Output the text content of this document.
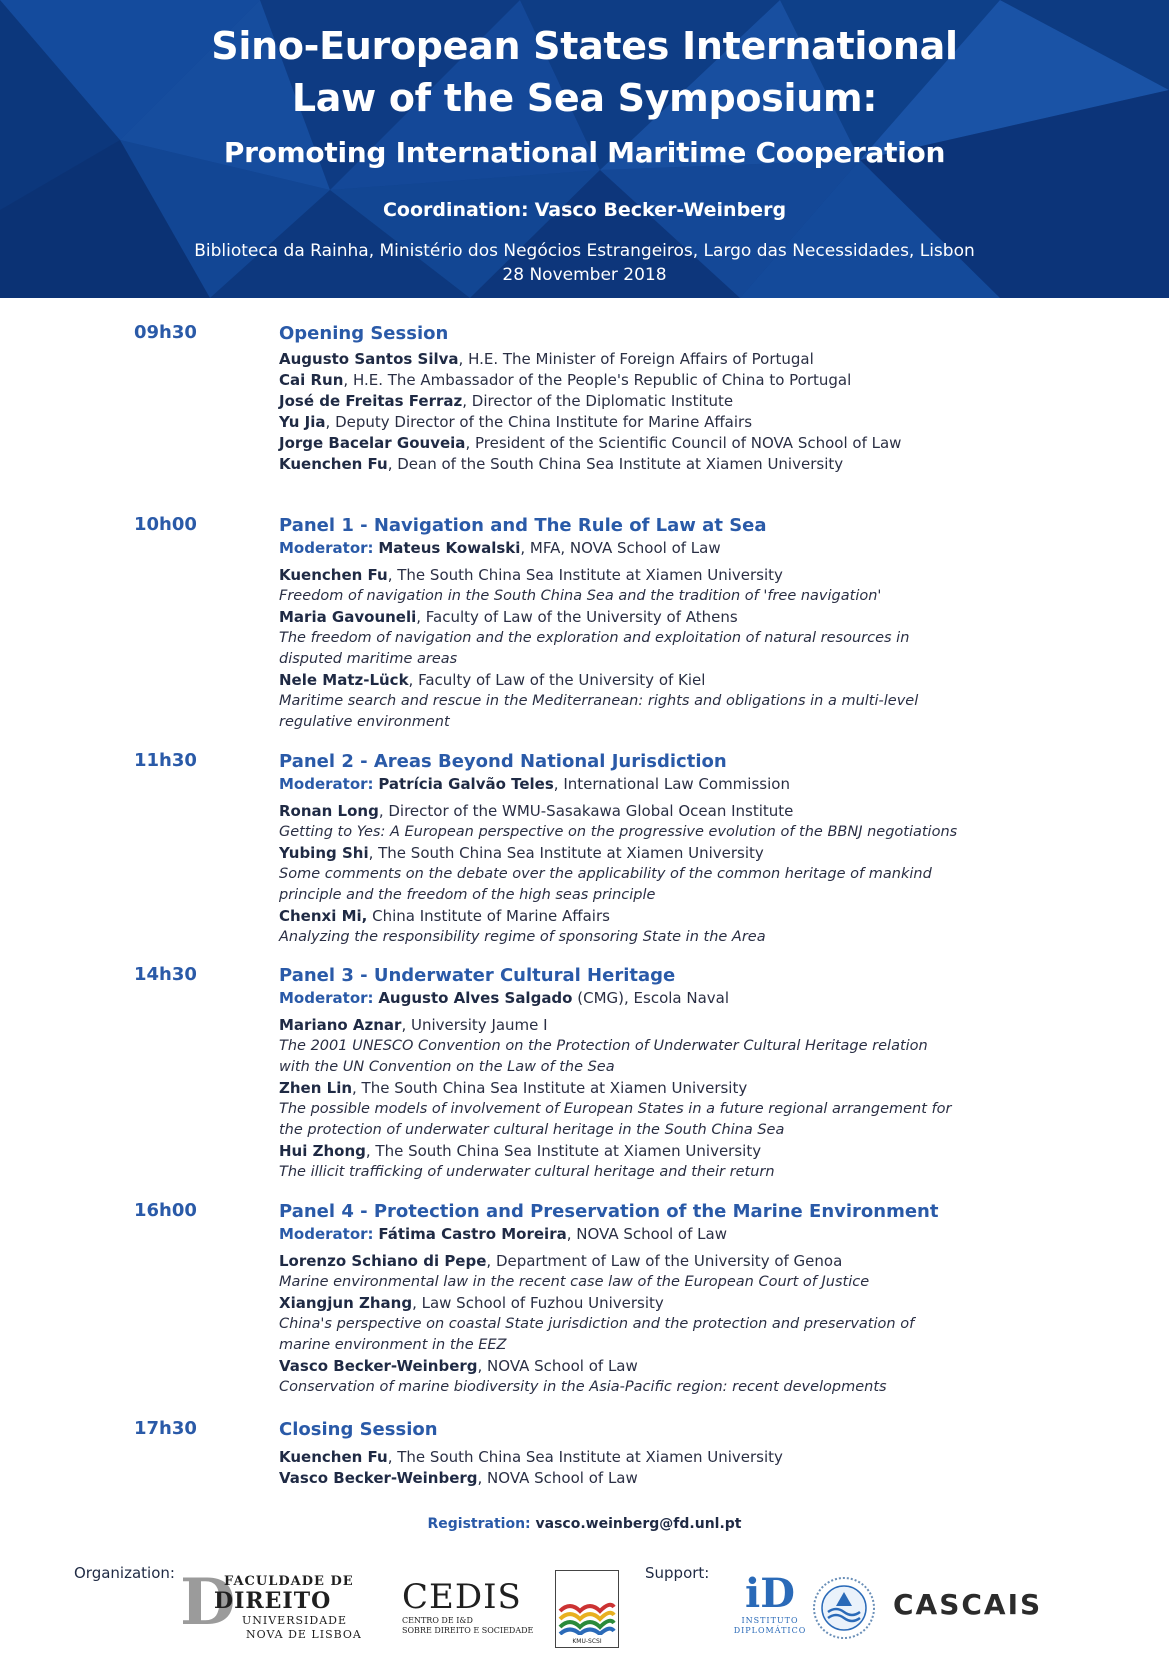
Sino-European States International
Law of the Sea Symposium:
Promoting International Maritime Cooperation
Coordination: Vasco Becker-Weinberg
Biblioteca da Rainha, Ministério dos Negócios Estrangeiros, Largo das Necessidades, Lisbon
28 November 2018
09h30	Opening Session
Augusto Santos Silva, H.E. The Minister of Foreign Affairs of Portugal
Cai Run, H.E. The Ambassador of the People's Republic of China to Portugal
José de Freitas Ferraz, Director of the Diplomatic Institute
Yu Jia, Deputy Director of the China Institute for Marine Affairs
Jorge Bacelar Gouveia, President of the Scientific Council of NOVA School of Law
Kuenchen Fu, Dean of the South China Sea Institute at Xiamen University
10h00	Panel 1 - Navigation and The Rule of Law at Sea
Moderator: Mateus Kowalski, MFA, NOVA School of Law
Kuenchen Fu, The South China Sea Institute at Xiamen University
Freedom of navigation in the South China Sea and the tradition of 'free navigation'
Maria Gavouneli, Faculty of Law of the University of Athens
The freedom of navigation and the exploration and exploitation of natural resources in
disputed maritime areas
Nele Matz-Lück, Faculty of Law of the University of Kiel
Maritime search and rescue in the Mediterranean: rights and obligations in a multi-level
regulative environment
11h30	Panel 2 - Areas Beyond National Jurisdiction
Moderator: Patrícia Galvão Teles, International Law Commission
Ronan Long, Director of the WMU-Sasakawa Global Ocean Institute
Getting to Yes: A European perspective on the progressive evolution of the BBNJ negotiations
Yubing Shi, The South China Sea Institute at Xiamen University
Some comments on the debate over the applicability of the common heritage of mankind
principle and the freedom of the high seas principle
Chenxi Mi, China Institute of Marine Affairs
Analyzing the responsibility regime of sponsoring State in the Area
14h30	Panel 3 - Underwater Cultural Heritage
Moderator: Augusto Alves Salgado (CMG), Escola Naval
Mariano Aznar, University Jaume I
The 2001 UNESCO Convention on the Protection of Underwater Cultural Heritage relation
with the UN Convention on the Law of the Sea
Zhen Lin, The South China Sea Institute at Xiamen University
The possible models of involvement of European States in a future regional arrangement for
the protection of underwater cultural heritage in the South China Sea
Hui Zhong, The South China Sea Institute at Xiamen University
The illicit trafficking of underwater cultural heritage and their return
16h00	Panel 4 - Protection and Preservation of the Marine Environment
Moderator: Fátima Castro Moreira, NOVA School of Law
Lorenzo Schiano di Pepe, Department of Law of the University of Genoa
Marine environmental law in the recent case law of the European Court of Justice
Xiangjun Zhang, Law School of Fuzhou University
China's perspective on coastal State jurisdiction and the protection and preservation of
marine environment in the EEZ
Vasco Becker-Weinberg, NOVA School of Law
Conservation of marine biodiversity in the Asia-Pacific region: recent developments
17h30	Closing Session
Kuenchen Fu, The South China Sea Institute at Xiamen University
Vasco Becker-Weinberg, NOVA School of Law
Registration: vasco.weinberg@fd.unl.pt
Organization:	Support:
D
FACULDADE DE
DIREITO
UNIVERSIDADE
NOVA DE LISBOA
CEDIS
CENTRO DE I&D
SOBRE DIREITO E SOCIEDADE
KMU-SCSI
iD
INSTITUTO
DIPLOMÁTICO
CASCAIS
